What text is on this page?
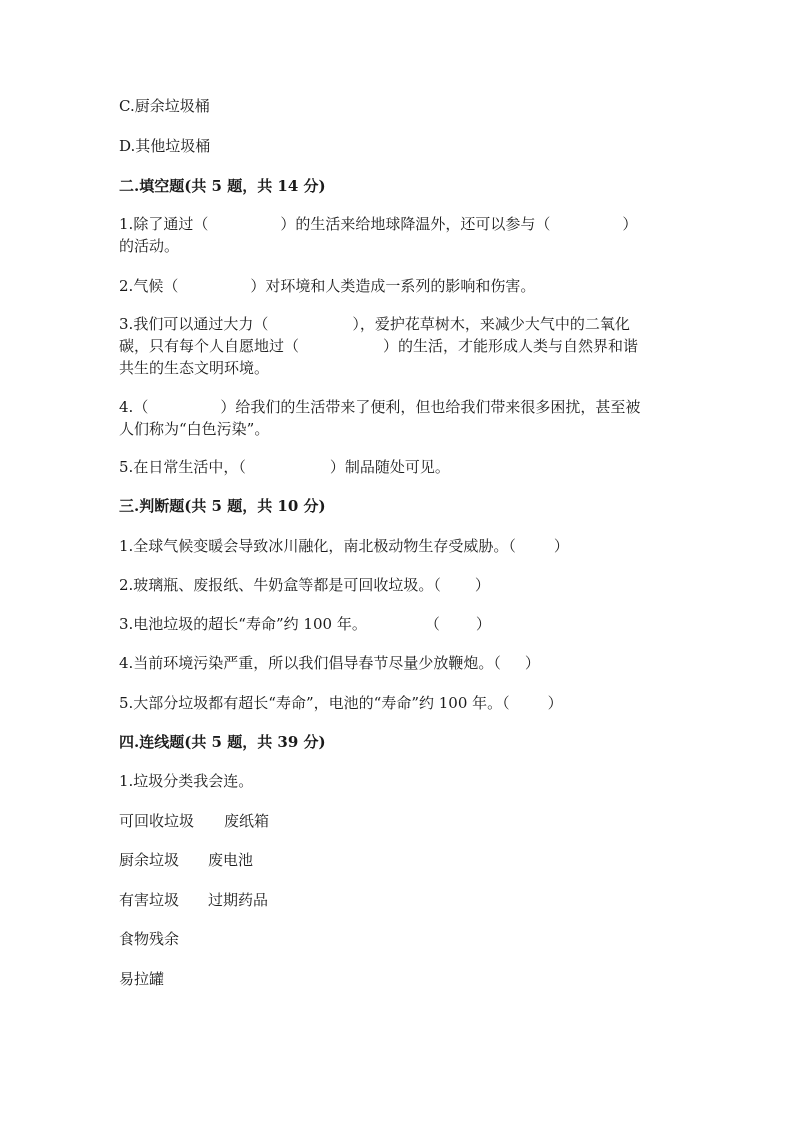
C.厨余垃圾桶
D.其他垃圾桶
二.填空题(共 5 题，共 14 分)
1.除了通过（	）的生活来给地球降温外，还可以参与（	）
的活动。
2.气候（	）对环境和人类造成一系列的影响和伤害。
3.我们可以通过大力（	），爱护花草树木，来减少大气中的二氧化
碳，只有每个人自愿地过（	）的生活，才能形成人类与自然界和谐
共生的生态文明环境。
4.（	）给我们的生活带来了便利，但也给我们带来很多困扰，甚至被
人们称为“白色污染”。
5.在日常生活中，（	）制品随处可见。
三.判断题(共 5 题，共 10 分)
1.全球气候变暖会导致冰川融化，南北极动物生存受威胁。（	）
2.玻璃瓶、废报纸、牛奶盒等都是可回收垃圾。（ ）
3.电池垃圾的超长“寿命”约 100 年。	（ ）
4.当前环境污染严重，所以我们倡导春节尽量少放鞭炮。（ ）
5.大部分垃圾都有超长“寿命”，电池的“寿命”约 100 年。（	）
四.连线题(共 5 题，共 39 分)
1.垃圾分类我会连。
可回收垃圾 废纸箱
厨余垃圾 废电池
有害垃圾 过期药品
食物残余
易拉罐
